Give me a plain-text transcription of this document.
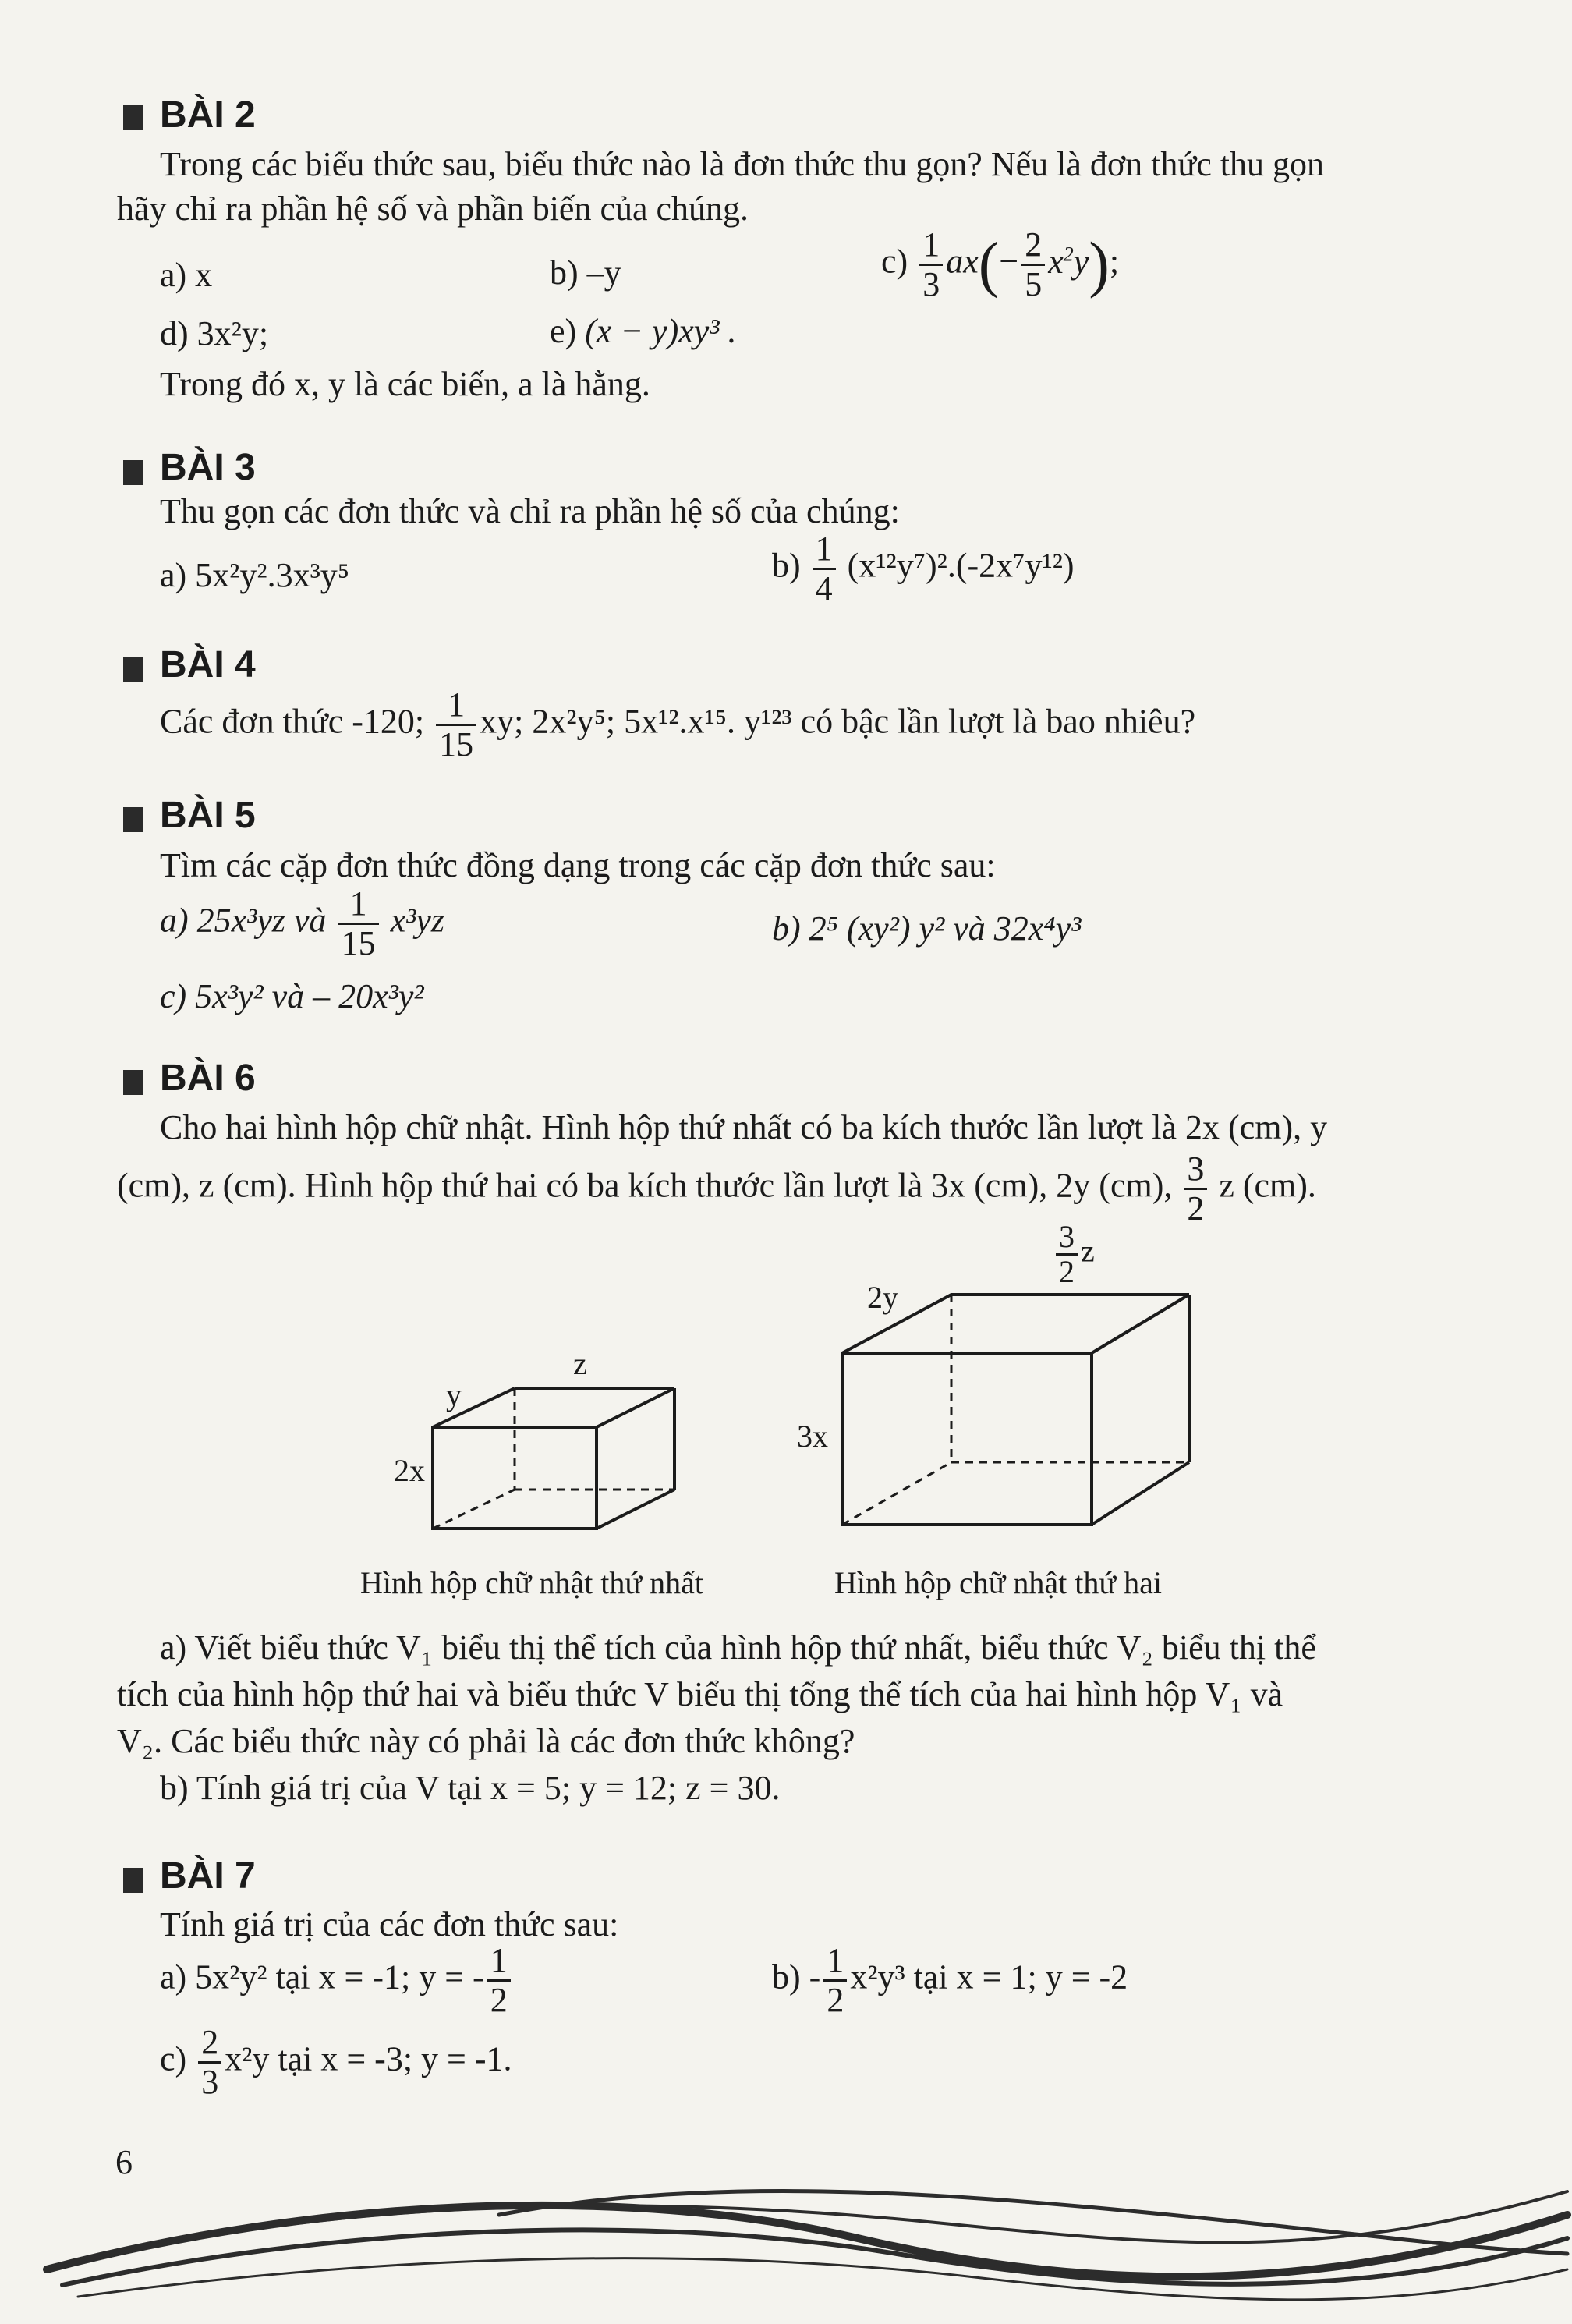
BÀI 2
Trong các biểu thức sau, biểu thức nào là đơn thức thu gọn? Nếu là đơn thức thu gọn
hãy chỉ ra phần hệ số và phần biến của chúng.
a) x	b) –y	$c) \frac{1}{3} ax(- \frac{2}{5} x^2y)$;
d) 3x²y;	e) (x − y)xy³ .
Trong đó x, y là các biến, a là hằng.
BÀI 3
Thu gọn các đơn thức và chỉ ra phần hệ số của chúng:
a) 5x²y².3x³y⁵	$b) \frac{1}{4} (x^{12}y^7)^2.(-2x^7y^{12})$
BÀI 4
Các đơn thức -120; $\frac{1}{15}$ xy; 2x²y⁵; 5x¹².x¹⁵. y¹²³ có bậc lần lượt là bao nhiêu?
BÀI 5
Tìm các cặp đơn thức đồng dạng trong các cặp đơn thức sau:
a) 25x³yz và $\frac{1}{15} x^3yz$	b) 2⁵ (xy²) y² và 32x⁴y³
c) 5x³y² và – 20x³y²
BÀI 6
Cho hai hình hộp chữ nhật. Hình hộp thứ nhất có ba kích thước lần lượt là 2x (cm), y
(cm), z (cm). Hình hộp thứ hai có ba kích thước lần lượt là 3x (cm), 2y (cm), $\frac{3}{2}$ z (cm).
y
z
2x
Hình hộp chữ nhật thứ nhất
2y
$\frac{3}{2}$ z
3x
Hình hộp chữ nhật thứ hai
a) Viết biểu thức V₁ biểu thị thể tích của hình hộp thứ nhất, biểu thức V₂ biểu thị thể
tích của hình hộp thứ hai và biểu thức V biểu thị tổng thể tích của hai hình hộp V₁ và
V₂. Các biểu thức này có phải là các đơn thức không?
b) Tính giá trị của V tại x = 5; y = 12; z = 30.
BÀI 7
Tính giá trị của các đơn thức sau:
a) 5x²y² tại x = -1; y = - $\frac{1}{2}$	$b) - \frac{1}{2} x^2y^3$ tại x = 1; y = -2
$c) \frac{2}{3} x^2y$ tại x = -3; y = -1.
6
